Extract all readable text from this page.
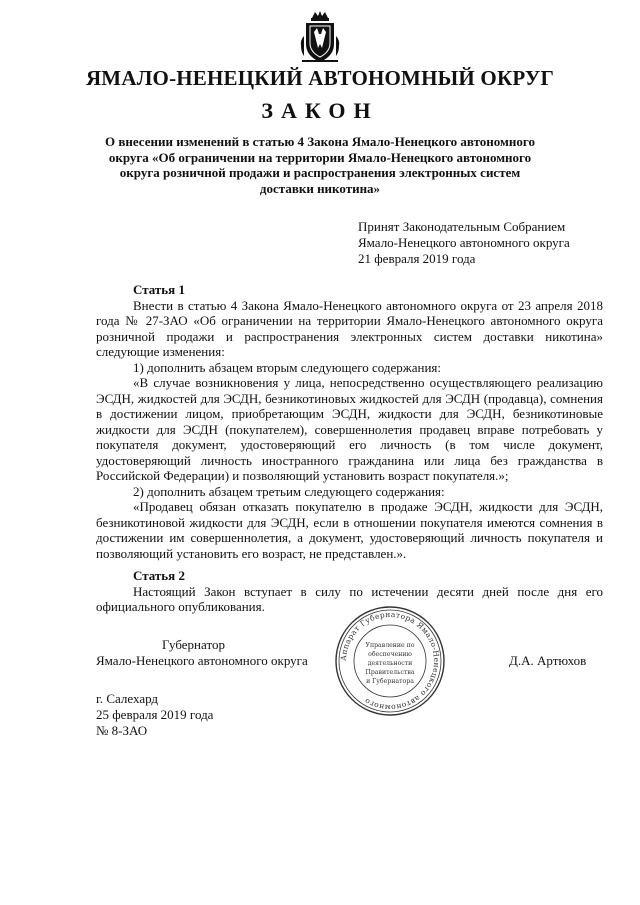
ЯМАЛО-НЕНЕЦКИЙ АВТОНОМНЫЙ ОКРУГ
ЗАКОН
О внесении изменений в статью 4 Закона Ямало-Ненецкого автономного
округа «Об ограничении на территории Ямало-Ненецкого автономного
округа розничной продажи и распространения электронных систем
доставки никотина»
Принят Законодательным Собранием
Ямало-Ненецкого автономного округа
21 февраля 2019 года
Статья 1
Внести в статью 4 Закона Ямало-Ненецкого автономного округа от 23 апреля 2018 года № 27-ЗАО «Об ограничении на территории Ямало-Ненецкого автономного округа розничной продажи и распространения электронных систем доставки никотина» следующие изменения:
1) дополнить абзацем вторым следующего содержания:
«В случае возникновения у лица, непосредственно осуществляющего реализацию ЭСДН, жидкостей для ЭСДН, безникотиновых жидкостей для ЭСДН (продавца), сомнения в достижении лицом, приобретающим ЭСДН, жидкости для ЭСДН, безникотиновые жидкости для ЭСДН (покупателем), совершеннолетия продавец вправе потребовать у покупателя документ, удостоверяющий его личность (в том числе документ, удостоверяющий личность иностранного гражданина или лица без гражданства в Российской Федерации) и позволяющий установить возраст покупателя.»;
2) дополнить абзацем третьим следующего содержания:
«Продавец обязан отказать покупателю в продаже ЭСДН, жидкости для ЭСДН, безникотиновой жидкости для ЭСДН, если в отношении покупателя имеются сомнения в достижении им совершеннолетия, а документ, удостоверяющий личность покупателя и позволяющий установить его возраст, не представлен.».
Статья 2
Настоящий Закон вступает в силу по истечении десяти дней после дня его официального опубликования.
Губернатор
Ямало-Ненецкого автономного округа	Аппарат Губернатора Ямало-Ненецкого автономного
Управление по
обеспечению
деятельности
Правительства
и Губернатора
Д.А. Артюхов
г. Салехард
25 февраля 2019 года
№ 8-ЗАО
